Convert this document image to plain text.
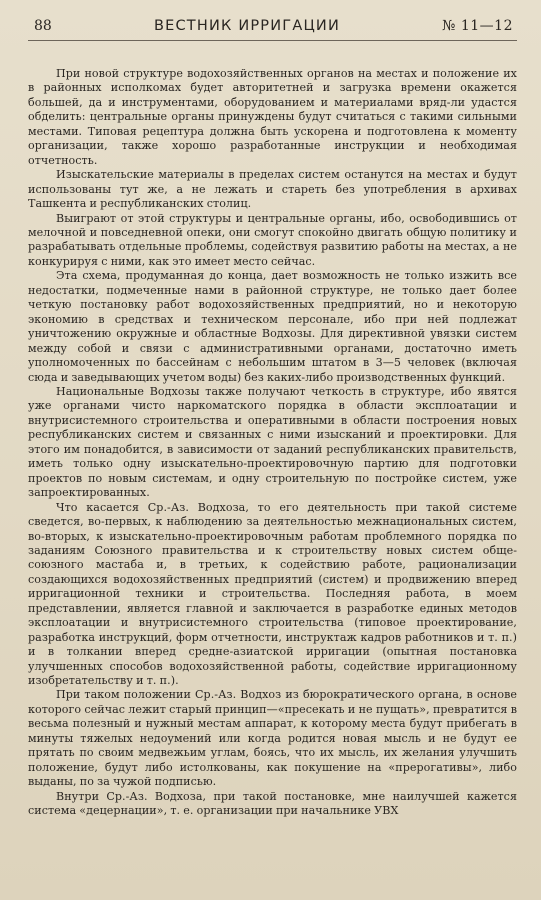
88	ВЕСТНИК ИРРИГАЦИИ	№ 11—12

При новой структуре водохозяйственных органов на местах и положение их в районных исполкомах будет авторитетней и загрузка времени окажется большей, да и инструментами, оборудованием и материалами вряд-ли удастся обделить: центральные органы принуждены будут считаться с такими сильными местами. Типовая рецептура должна быть ускорена и подготовлена к моменту организации, также хорошо разработанные инструкции и необходимая отчетность.

Изыскательские материалы в пределах систем останутся на местах и будут использованы тут же, а не лежать и стареть без употребления в архивах Ташкента и республиканских столиц.

Выиграют от этой структуры и центральные органы, ибо, освободившись от мелочной и повседневной опеки, они смогут спокойно двигать общую политику и разрабатывать отдельные проблемы, содействуя развитию работы на местах, а не конкурируя с ними, как это имеет место сейчас.

Эта схема, продуманная до конца, дает возможность не только изжить все недостатки, подмеченные нами в районной структуре, не только дает более четкую постановку работ водохозяйственных предприятий, но и некоторую экономию в средствах и техническом персонале, ибо при ней подлежат уничтожению окружные и областные Водхозы. Для директивной увязки систем между собой и связи с административными органами, достаточно иметь уполномоченных по бассейнам с небольшим штатом в 3—5 человек (включая сюда и заведывающих учетом воды) без каких-либо производственных функций.

Национальные Водхозы также получают четкость в структуре, ибо явятся уже органами чисто наркоматского порядка в области эксплоатации и внутрисистемного строительства и оперативными в области построения новых республиканских систем и связанных с ними изысканий и проектировки. Для этого им понадобится, в зависимости от заданий республиканских правительств, иметь только одну изыскательно-проектировочную партию для подготовки проектов по новым системам, и одну строительную по постройке систем, уже запроектированных.

Что касается Ср.-Аз. Водхоза, то его деятельность при такой системе сведется, во-первых, к наблюдению за деятельностью межнациональных систем, во-вторых, к изыскательно-проектировочным работам проблемного порядка по заданиям Союзного правительства и к строительству новых систем обще-союзного мастаба и, в третьих, к содействию работе, рационализации создающихся водохозяйственных предприятий (систем) и продвижению вперед ирригационной техники и строительства. Последняя работа, в моем представлении, является главной и заключается в разработке единых методов эксплоатации и внутрисистемного строительства (типовое проектирование, разработка инструкций, форм отчетности, инструктаж кадров работников и т. п.) и в толкании вперед средне-азиатской ирригации (опытная постановка улучшенных способов водохозяйственной работы, содействие ирригационному изобретательству и т. п.).

При таком положении Ср.-Аз. Водхоз из бюрократического органа, в основе которого сейчас лежит старый принцип—«пресекать и не пущать», превратится в весьма полезный и нужный местам аппарат, к которому места будут прибегать в минуты тяжелых недоумений или когда родится новая мысль и не будут ее прятать по своим медвежьим углам, боясь, что их мысль, их желания улучшить положение, будут либо истолкованы, как покушение на «прерогативы», либо выданы, по за чужой подписью.

Внутри Ср.-Аз. Водхоза, при такой постановке, мне наилучшей кажется система «децернации», т. е. организации при начальнике УВХ
